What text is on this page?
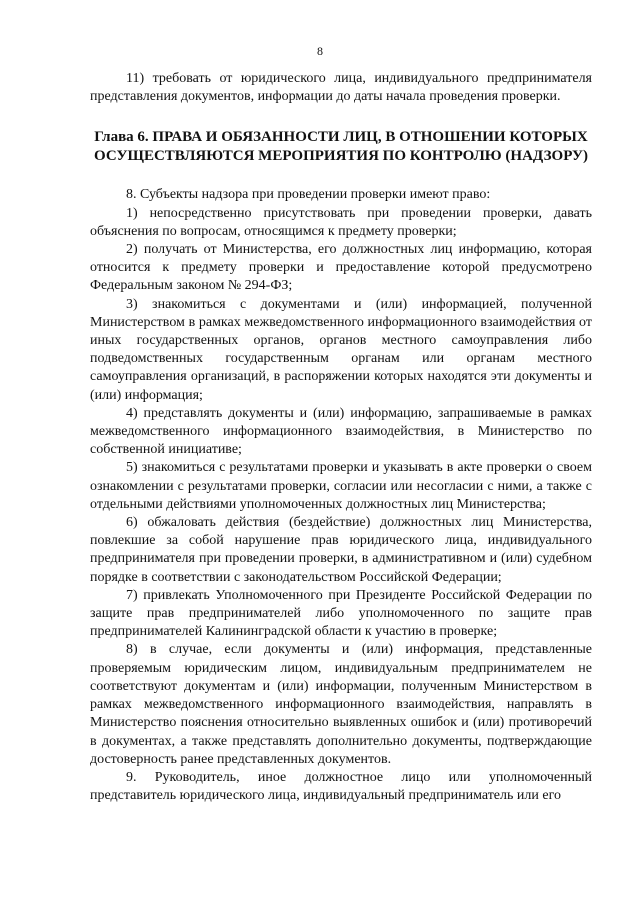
8

11) требовать от юридического лица, индивидуального предпринимателя представления документов, информации до даты начала проведения проверки.

Глава 6. ПРАВА И ОБЯЗАННОСТИ ЛИЦ, В ОТНОШЕНИИ КОТОРЫХ ОСУЩЕСТВЛЯЮТСЯ МЕРОПРИЯТИЯ ПО КОНТРОЛЮ (НАДЗОРУ)

8. Субъекты надзора при проведении проверки имеют право:

1) непосредственно присутствовать при проведении проверки, давать объяснения по вопросам, относящимся к предмету проверки;

2) получать от Министерства, его должностных лиц информацию, которая относится к предмету проверки и предоставление которой предусмотрено Федеральным законом № 294-ФЗ;

3) знакомиться с документами и (или) информацией, полученной Министерством в рамках межведомственного информационного взаимодействия от иных государственных органов, органов местного самоуправления либо подведомственных государственным органам или органам местного самоуправления организаций, в распоряжении которых находятся эти документы и (или) информация;

4) представлять документы и (или) информацию, запрашиваемые в рамках межведомственного информационного взаимодействия, в Министерство по собственной инициативе;

5) знакомиться с результатами проверки и указывать в акте проверки о своем ознакомлении с результатами проверки, согласии или несогласии с ними, а также с отдельными действиями уполномоченных должностных лиц Министерства;

6) обжаловать действия (бездействие) должностных лиц Министерства, повлекшие за собой нарушение прав юридического лица, индивидуального предпринимателя при проведении проверки, в административном и (или) судебном порядке в соответствии с законодательством Российской Федерации;

7) привлекать Уполномоченного при Президенте Российской Федерации по защите прав предпринимателей либо уполномоченного по защите прав предпринимателей Калининградской области к участию в проверке;

8) в случае, если документы и (или) информация, представленные проверяемым юридическим лицом, индивидуальным предпринимателем не соответствуют документам и (или) информации, полученным Министерством в рамках межведомственного информационного взаимодействия, направлять в Министерство пояснения относительно выявленных ошибок и (или) противоречий в документах, а также представлять дополнительно документы, подтверждающие достоверность ранее представленных документов.

9. Руководитель, иное должностное лицо или уполномоченный представитель юридического лица, индивидуальный предприниматель или его
